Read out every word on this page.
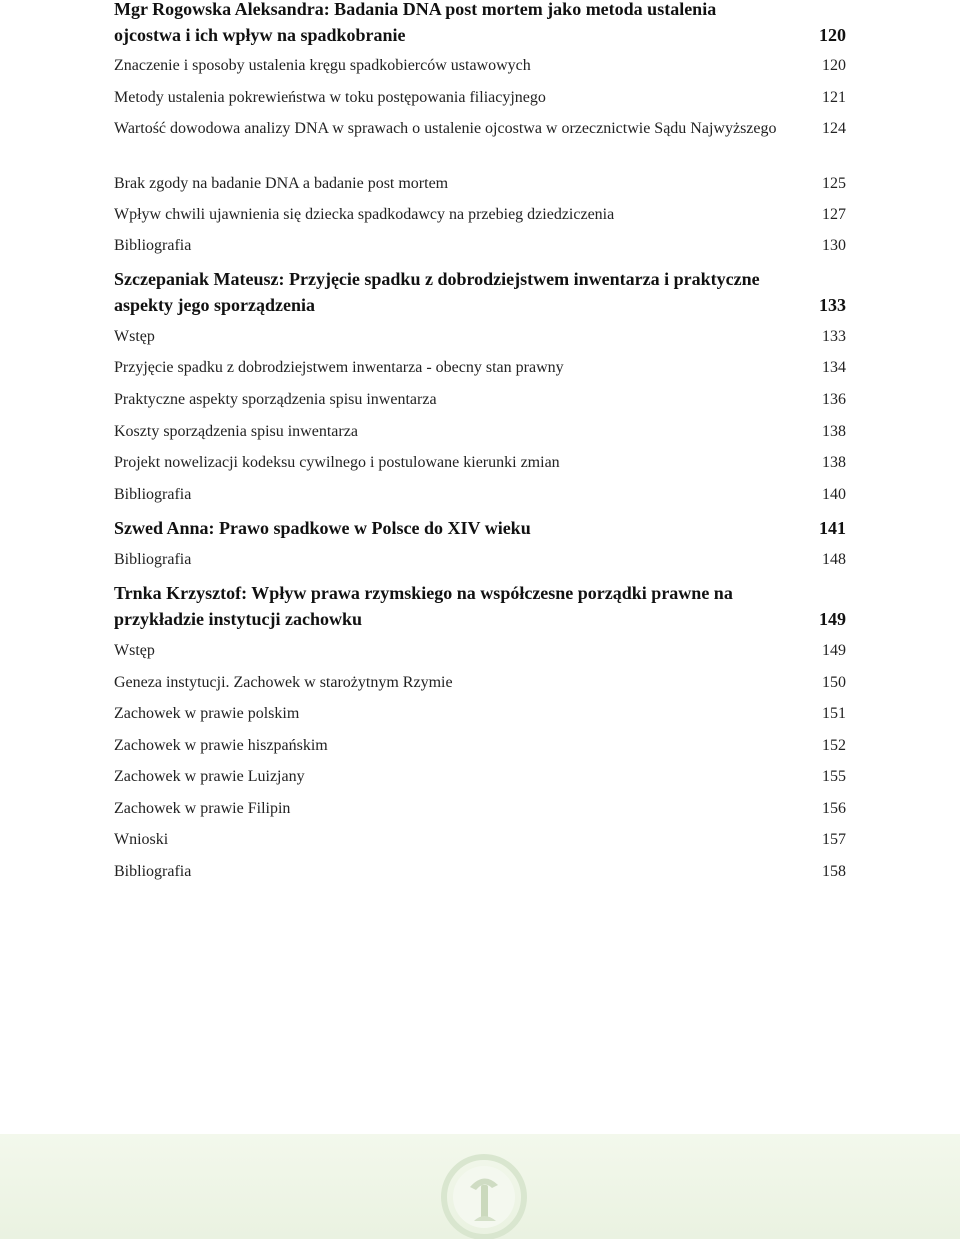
Mgr Rogowska Aleksandra: Badania DNA post mortem jako metoda ustalenia ojcostwa i ich wpływ na spadkobranie	120
Znaczenie i sposoby ustalenia kręgu spadkobierców ustawowych	120
Metody ustalenia pokrewieństwa w toku postępowania filiacyjnego	121
Wartość dowodowa analizy DNA w sprawach o ustalenie ojcostwa w orzecznictwie Sądu Najwyższego	124
Brak zgody na badanie DNA a badanie post mortem	125
Wpływ chwili ujawnienia się dziecka spadkodawcy na przebieg dziedziczenia	127
Bibliografia	130
Szczepaniak Mateusz: Przyjęcie spadku z dobrodziejstwem inwentarza i praktyczne aspekty jego sporządzenia	133
Wstęp	133
Przyjęcie spadku z dobrodziejstwem inwentarza - obecny stan prawny	134
Praktyczne aspekty sporządzenia spisu inwentarza	136
Koszty sporządzenia spisu inwentarza	138
Projekt nowelizacji kodeksu cywilnego i postulowane kierunki zmian	138
Bibliografia	140
Szwed Anna: Prawo spadkowe w Polsce do XIV wieku	141
Bibliografia	148
Trnka Krzysztof: Wpływ prawa rzymskiego na współczesne porządki prawne na przykładzie instytucji zachowku	149
Wstęp	149
Geneza instytucji. Zachowek w starożytnym Rzymie	150
Zachowek w prawie polskim	151
Zachowek w prawie hiszpańskim	152
Zachowek w prawie Luizjany	155
Zachowek w prawie Filipin	156
Wnioski	157
Bibliografia	158
